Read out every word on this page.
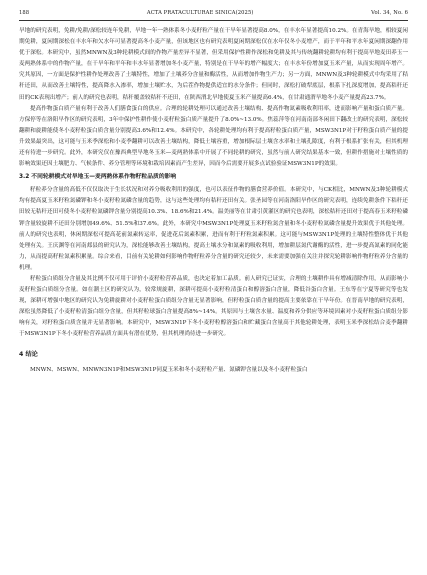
188	ACTA PRATACULTURAE SINICA(2025)	Vol. 34, No. 6

旱地的研究表明，免耕/免耕/深松较连年免耕，旱地一年一熟体系冬小麦籽粒产量在干旱年显著提高8.0%，在丰水年显著提高10.2%。在青海旱地，相较夏闲期免耕，夏闲期深松在丰水年和欠水年可显著提高冬小麦产量，但该地区也有研究表明夏闲期深松仅在水年仅冬小麦增产，而于平年和平水年夏闲期深翻作用优于深松。本研究中，虽然MNWN及3种轮耕模式间的作物产量差异不显著，但采用保护性耕作深松和免耕及其与传统翻耕轮耕均有利于提高旱地麦田养玉一麦两熟体系中的作物产量，在干旱年和平年和丰水年显著增加冬小麦产量，特别是在干旱年的增产幅度大；在丰水年份增加夏玉米产量，从而实现周年增产。究其原因，一方面是保护性耕作处理改善了土壤特性，增加了土壤养分含量和酶活性，从而增加作物生产力；另一方面，MNWN及3种轮耕模式中均采用了秸秆还田，从而改善土壤特性，提高降水入渗率，增加土壤贮水，为后茬作物提供适宜的水分条件；但同时，深松打破犁底层，根系下扎深度增加，提高秸秆还田的CK表现出增产；前人的研究也表明，秸秆覆盖较秸秆不还田，在陕西渭北旱地使夏玉米产量提高6.4%，在甘肃通渭旱地冬小麦产量提高23.7%。

提高作物蛋白质产量有利于改善人们膳食蛋白的供应。合理的轮耕处理可以通过改善土壤结构、提高作物氮素吸收利用率，进而影响产量和蛋白质产量。方保停等在洛阳早作区的研究表明，3年中保护性耕作使小麦籽粒蛋白质产量提升了8.0%~13.0%。焦蕊萍等在河南南部冬闲田下翻改土的研究表明，深松较翻耕和旋耕能使冬小麦籽粒蛋白质含量分别提高3.6%和12.4%。本研究中，各轮耕处理均有利于提高籽粒蛋白质产量，MSW3N1P对于籽粒蛋白质产量的提升效果最突出，这可能与玉米季深松和小麦季翻耕可以改善土壤结构，降低土壤容重，增加根际层土壤含水率和土壤孔隙度，有利于根系扩张有关，但其机理还有待进一步研究。此外，本研究仅在豫西典型旱地冬玉米—麦两熟体系中开展了不同轮耕的研究，虽然与前人研究结果基本一致，但耕作措施对土壤性质的影响效果还因土壤肥力、气候条件、养分管理等环境和栽培因素而产生差异，因而今后需要开展多点试验验证MSW3N1P的效果。

3.2 不同轮耕模式对旱地玉—麦两熟体系作物籽粒品质的影响

籽粒养分含量的高低不仅仅取决于生长状况和对养分吸收利用的强度，也可以表征作物的膳食营养价值。本研究中，与CK相比，MNWN及3种轮耕模式均有提高夏玉米籽粒氮磷钾和冬小麦籽粒氮磷含量的趋势，这与这些处理均有秸秆还田有关。张圣园等在河南洛阳旱作区的研究表明，连续免耕条件下秸秆还田较无秸秆还田可使冬小麦籽粒氮磷钾含量分别提高10.3%、18.6%和21.4%。温美丽等在甘肃引黄灌区的研究也表明，深松秸秆还田对于提高春玉米籽粒磷钾含量较旋耕不还田分别增加49.6%、51.5%和37.6%。此外，本研究中MSW3N1P处理夏玉米籽粒氮含量和冬小麦籽粒氮磷含量提升效果优于其他处理。前人的研究也表明，休闲期深松可提高花前氮素转运率，促进花后氮素积累，进而有利于籽粒氮素积累。这可能与MSW3N1P处理的土壤特性整体优于其他处理有关。王庆渊等在河南郏县的研究认为，深松能够改善土壤结构，提高土壤水分和氮素的吸收利用，增加耕层氮代谢酶的活性，进一步提高氮素的同化能力，从而提高籽粒氮素积累量。综合来看，目前有关轮耕如何影响作物籽粒养分含量的研究还较少，未来需要加强在关注并探究轮耕影响作物籽粒养分含量的机理。

籽粒蛋白质组分含量及其比例不仅可用于评价小麦籽粒营养品质，也决定着加工品质。前人研究已证实，合理的土壤耕作具有增减清除作用，从而影响小麦籽粒蛋白质组分含量。如在潮土区的研究认为，较常规旋耕，深耕可提高小麦籽粒清蛋白和醇溶蛋白含量，降低谷蛋白含量。王东等在宁夏等研究等也发现，深耕可增强中地区的研究认为免耕旋耕对小麦籽粒蛋白质组分含量无显著影响，但籽粒蛋白质含量的提高主要依靠在干旱年份。在晋南旱地的研究表明，深松虽然降低了小麦籽粒清蛋白组分含量，但其籽粒球蛋白含量提高8%~14%。其原因与土壤含水量、温度和养分供应等环境因素对小麦籽粒蛋白质组分影响有关，对籽粒蛋白质含量并无显著影响。本研究中，MSW3N1P下冬小麦籽粒醇溶蛋白和贮藏蛋白含量高于其他轮耕处理，表明玉米季深松结合麦季翻耕于MSW3N1P下冬小麦籽粒营养品质方面具有潜在优势，但其机理尚待进一步研究。

4 结论

MNWN、MSWN、MNWN3N1P和MSW3N1P同夏玉米和冬小麦籽粒产量、氮磷钾含量以及冬小麦籽粒蛋白
